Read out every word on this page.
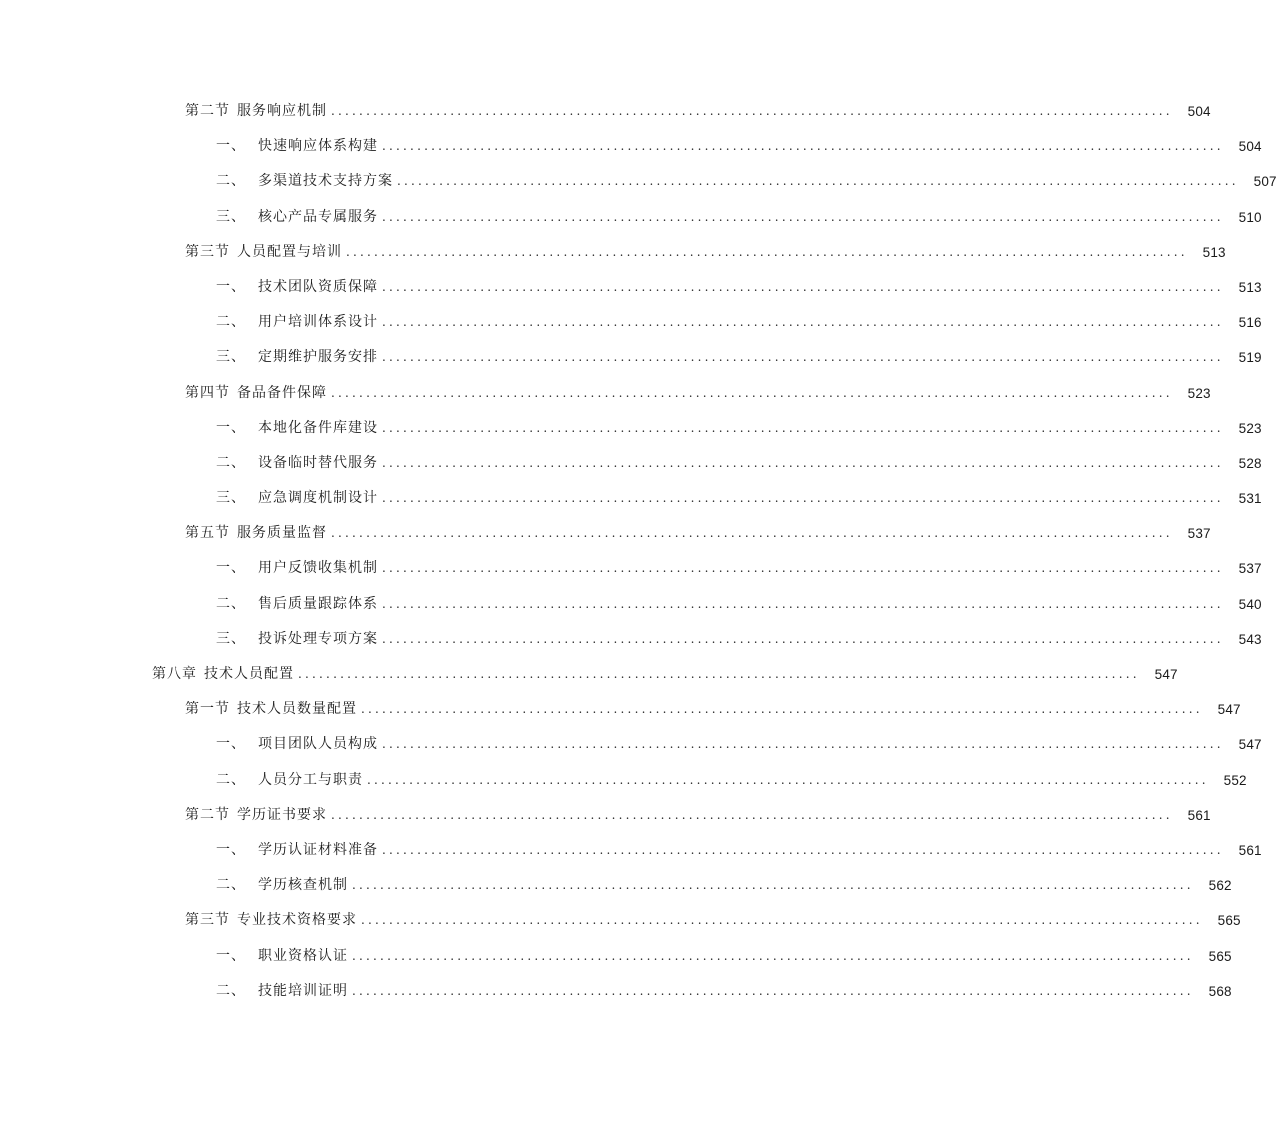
第二节 服务响应机制 ........................................................................................................................	504
一、 快速响应体系构建 ........................................................................................................................	504
二、 多渠道技术支持方案 ........................................................................................................................	507
三、 核心产品专属服务 ........................................................................................................................	510
第三节 人员配置与培训 ........................................................................................................................	513
一、 技术团队资质保障 ........................................................................................................................	513
二、 用户培训体系设计 ........................................................................................................................	516
三、 定期维护服务安排 ........................................................................................................................	519
第四节 备品备件保障 ........................................................................................................................	523
一、 本地化备件库建设 ........................................................................................................................	523
二、 设备临时替代服务 ........................................................................................................................	528
三、 应急调度机制设计 ........................................................................................................................	531
第五节 服务质量监督 ........................................................................................................................	537
一、 用户反馈收集机制 ........................................................................................................................	537
二、 售后质量跟踪体系 ........................................................................................................................	540
三、 投诉处理专项方案 ........................................................................................................................	543
第八章 技术人员配置 ........................................................................................................................	547
第一节 技术人员数量配置 ........................................................................................................................	547
一、 项目团队人员构成 ........................................................................................................................	547
二、 人员分工与职责 ........................................................................................................................	552
第二节 学历证书要求 ........................................................................................................................	561
一、 学历认证材料准备 ........................................................................................................................	561
二、 学历核查机制 ........................................................................................................................	562
第三节 专业技术资格要求 ........................................................................................................................	565
一、 职业资格认证 ........................................................................................................................	565
二、 技能培训证明 ........................................................................................................................	568
